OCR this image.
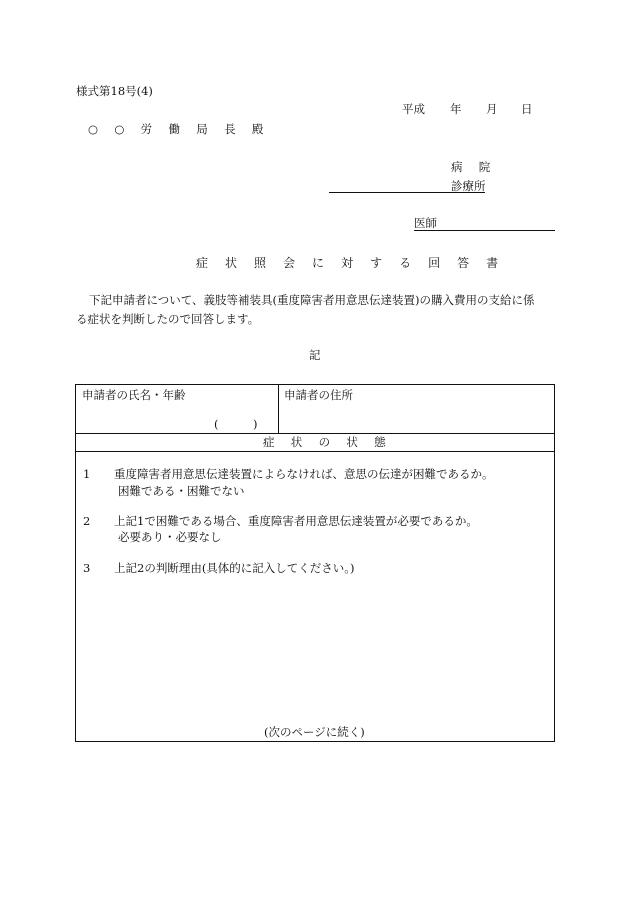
様式第18号(4)
平成 年 月 日
○ ○ 労 働 局 長 殿
病 院
診療所
医師
症 状 照 会 に 対 す る 回 答 書
下記申請者について、義肢等補装具(重度障害者用意思伝達装置)の購入費用の支給に係
る症状を判断したので回答します。
記
申請者の氏名・年齢
(　　　)
申請者の住所
症 状 の 状 態
1 重度障害者用意思伝達装置によらなければ、意思の伝達が困難であるか。
困難である・困難でない
2 上記1で困難である場合、重度障害者用意思伝達装置が必要であるか。
必要あり・必要なし
3 上記2の判断理由(具体的に記入してください。)
(次のページに続く)
